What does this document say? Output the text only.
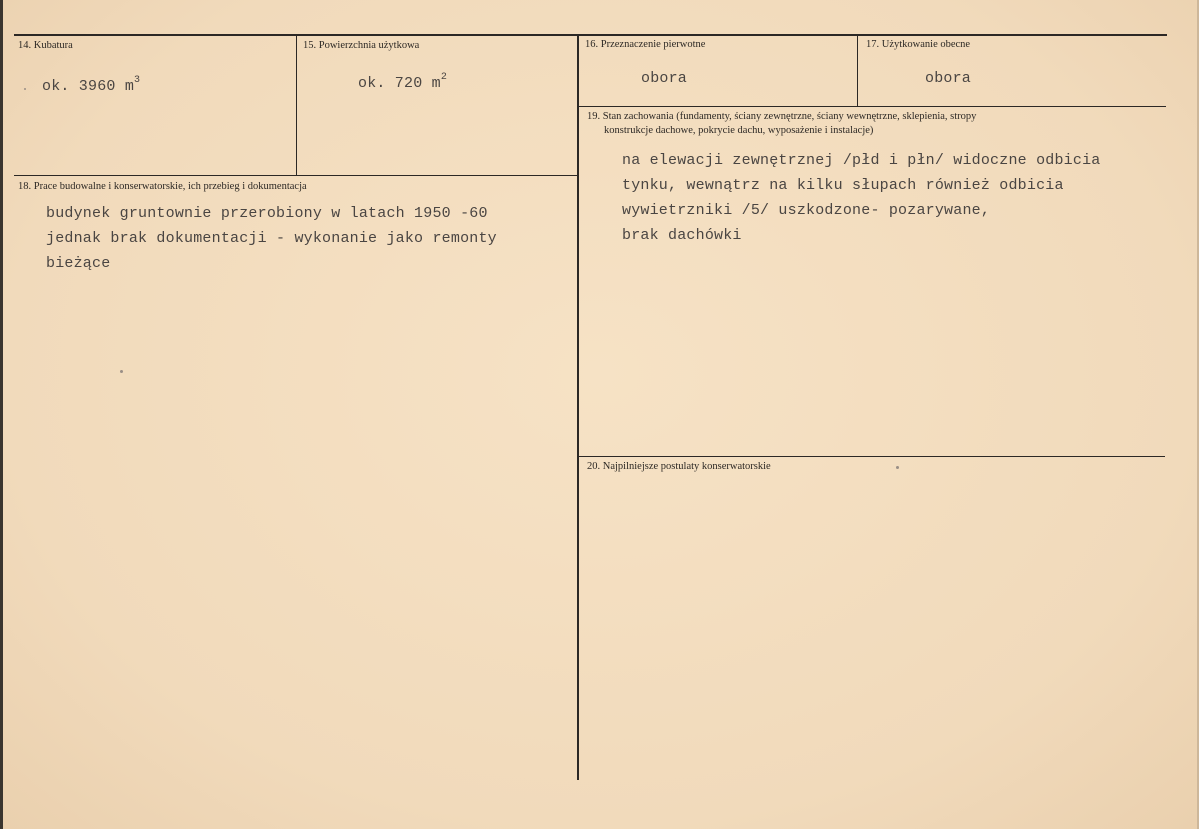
14. Kubatura
ok. 3960 $m^3$
15. Powierzchnia użytkowa
ok. 720 $m^2$
16. Przeznaczenie pierwotne
obora
17. Użytkowanie obecne
obora
18. Prace budowalne i konserwatorskie, ich przebieg i dokumentacja
budynek gruntownie przerobiony w latach 1950 -60
jednak brak dokumentacji - wykonanie jako remonty
bieżące
19. Stan zachowania (fundamenty, ściany zewnętrzne, ściany wewnętrzne, sklepienia, stropy
konstrukcje dachowe, pokrycie dachu, wyposażenie i instalacje)
na elewacji zewnętrznej /płd i płn/ widoczne odbicia
tynku, wewnątrz na kilku słupach również odbicia
wywietrzniki /5/ uszkodzone- pozarywane,
brak dachówki
20. Najpilniejsze postulaty konserwatorskie
